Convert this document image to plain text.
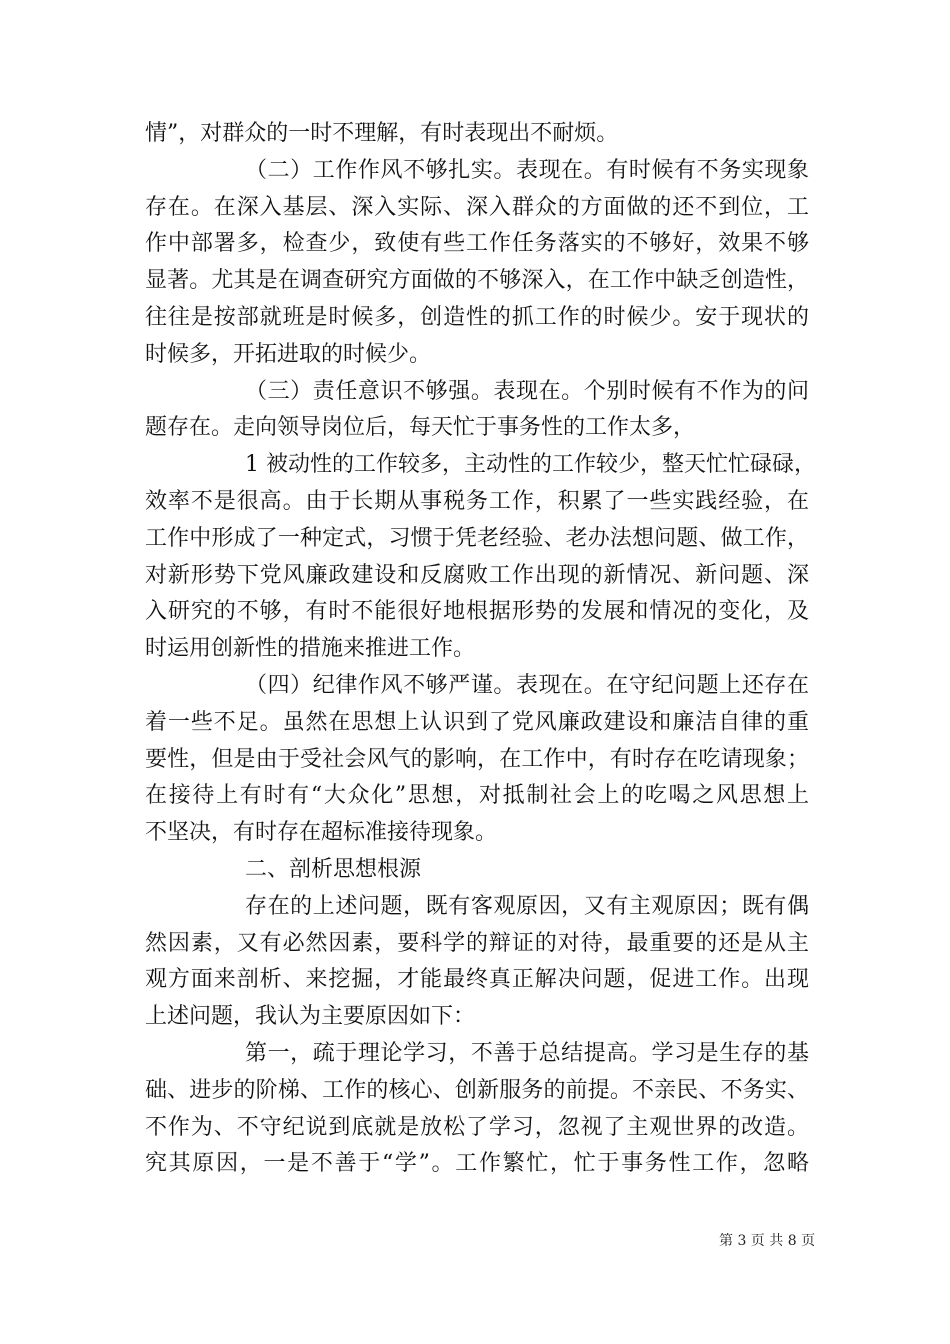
情”，对群众的一时不理解，有时表现出不耐烦。
（二）工作作风不够扎实。表现在。有时候有不务实现象
存在。在深入基层、深入实际、深入群众的方面做的还不到位，工
作中部署多，检查少，致使有些工作任务落实的不够好，效果不够
显著。尤其是在调查研究方面做的不够深入，在工作中缺乏创造性，
往往是按部就班是时候多，创造性的抓工作的时候少。安于现状的
时候多，开拓进取的时候少。
（三）责任意识不够强。表现在。个别时候有不作为的问
题存在。走向领导岗位后，每天忙于事务性的工作太多，
1 被动性的工作较多，主动性的工作较少，整天忙忙碌碌，
效率不是很高。由于长期从事税务工作，积累了一些实践经验，在
工作中形成了一种定式，习惯于凭老经验、老办法想问题、做工作，
对新形势下党风廉政建设和反腐败工作出现的新情况、新问题、深
入研究的不够，有时不能很好地根据形势的发展和情况的变化，及
时运用创新性的措施来推进工作。
（四）纪律作风不够严谨。表现在。在守纪问题上还存在
着一些不足。虽然在思想上认识到了党风廉政建设和廉洁自律的重
要性，但是由于受社会风气的影响，在工作中，有时存在吃请现象；
在接待上有时有“大众化”思想，对抵制社会上的吃喝之风思想上
不坚决，有时存在超标准接待现象。
二、剖析思想根源
存在的上述问题，既有客观原因，又有主观原因；既有偶
然因素，又有必然因素，要科学的辩证的对待，最重要的还是从主
观方面来剖析、来挖掘，才能最终真正解决问题，促进工作。出现
上述问题，我认为主要原因如下：
第一，疏于理论学习，不善于总结提高。学习是生存的基
础、进步的阶梯、工作的核心、创新服务的前提。不亲民、不务实、
不作为、不守纪说到底就是放松了学习，忽视了主观世界的改造。
究其原因，一是不善于“学”。工作繁忙，忙于事务性工作，忽略
第 3 页 共 8 页
